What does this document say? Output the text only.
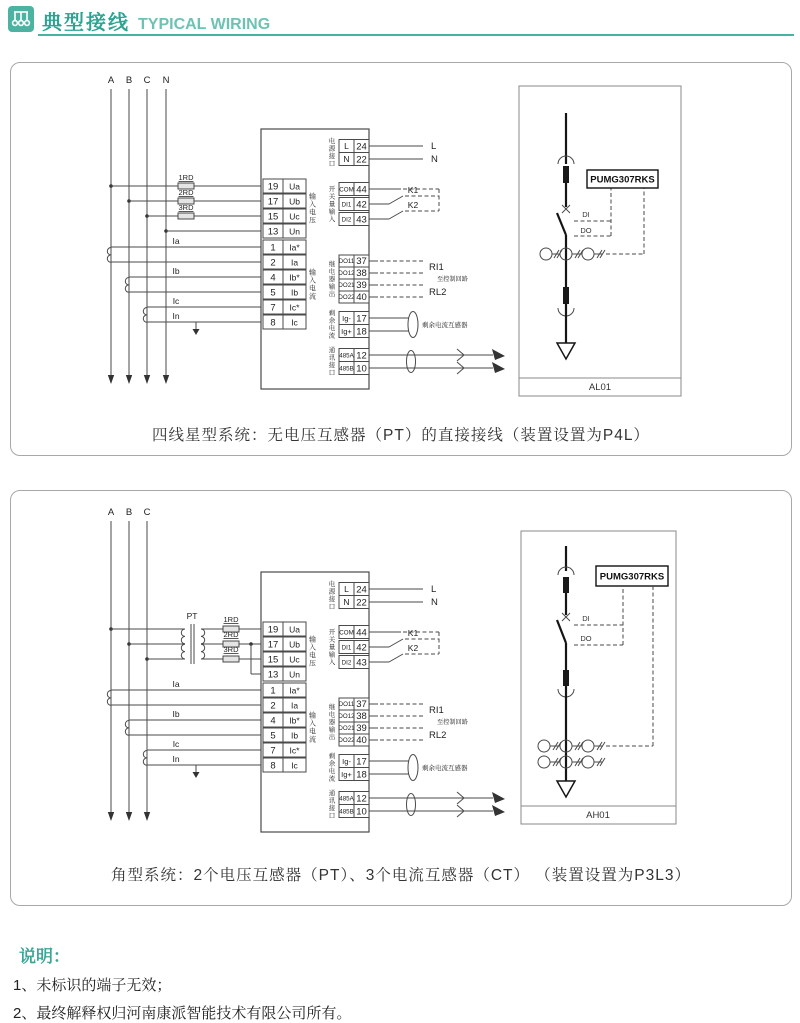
典型接线 TYPICAL WIRING
A B C N
1RD
2RD
3RD
Ia
Ib
Ic
In
19 Ua
17 Ub
15 Uc
13 Un
输入电压
1 Ia*
2 Ia
4 Ib*
5 Ib
7 Ic*
8 Ic
输入电流
L 24
N 22
电源接口
COM 44
DI1 42
DI2 43
开关量输入
DO11 37
DO12 38
DO21 39
DO22 40
继电器输出
Ig- 17
Ig+ 18
剩余电流
485A 12
485B 10
通讯接口
L
N
K1
K2
RI1
至控制回路
RL2
剩余电流互感器
AL01
DI
DO
PUMG307RKS
四线星型系统：无电压互感器（PT）的直接接线（装置设置为P4L）
A B C
PT	1RD
2RD
3RD
Ia
Ib
Ic
In
19 Ua
17 Ub
15 Uc
13 Un
输入电压
1 Ia*
2 Ia
4 Ib*
5 Ib
7 Ic*
8 Ic
输入电流
L 24
N 22
电源接口
COM 44
DI1 42
DI2 43
开关量输入
DO11 37
DO12 38
DO21 39
DO22 40
继电器输出
Ig- 17
Ig+ 18
剩余电流
485A 12
485B 10
通讯接口
L
N
K1
K2
RI1
至控制回路
RL2
剩余电流互感器
AH01
DI
DO
PUMG307RKS
角型系统：2个电压互感器（PT）、3个电流互感器（CT） （装置设置为P3L3）
说明：
1、未标识的端子无效；
2、最终解释权归河南康派智能技术有限公司所有。
